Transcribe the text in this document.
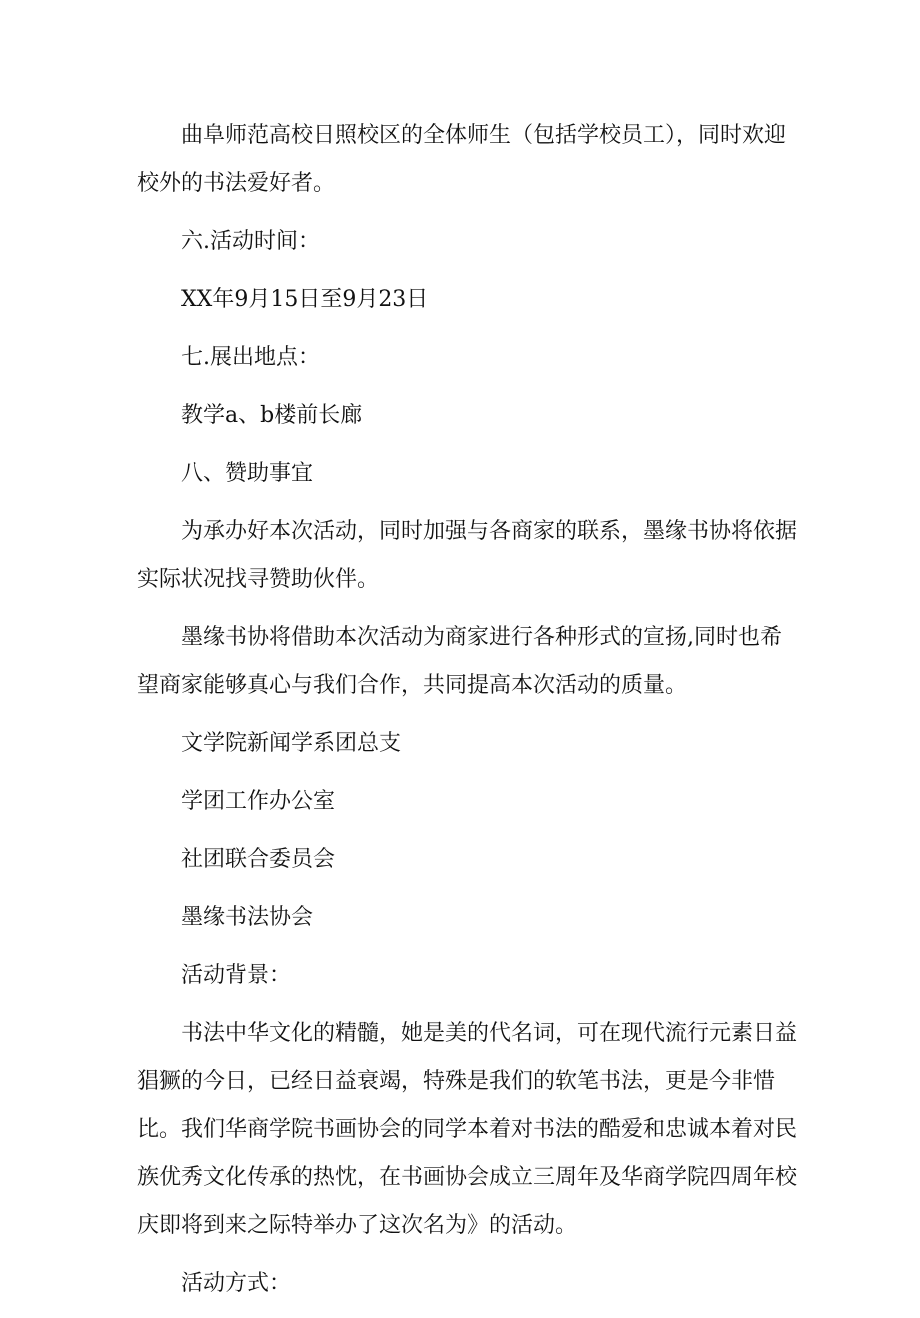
曲阜师范高校日照校区的全体师生（包括学校员工），同时欢迎校外的书法爱好者。

六.活动时间：

XX年9月15日至9月23日

七.展出地点：

教学a、b楼前长廊

八、赞助事宜

为承办好本次活动，同时加强与各商家的联系，墨缘书协将依据实际状况找寻赞助伙伴。

墨缘书协将借助本次活动为商家进行各种形式的宣扬,同时也希望商家能够真心与我们合作，共同提高本次活动的质量。

文学院新闻学系团总支

学团工作办公室

社团联合委员会

墨缘书法协会

活动背景：

书法中华文化的精髓，她是美的代名词，可在现代流行元素日益猖獗的今日，已经日益衰竭，特殊是我们的软笔书法，更是今非惜比。我们华商学院书画协会的同学本着对书法的酷爱和忠诚本着对民族优秀文化传承的热忱，在书画协会成立三周年及华商学院四周年校庆即将到来之际特举办了这次名为》的活动。

活动方式：
